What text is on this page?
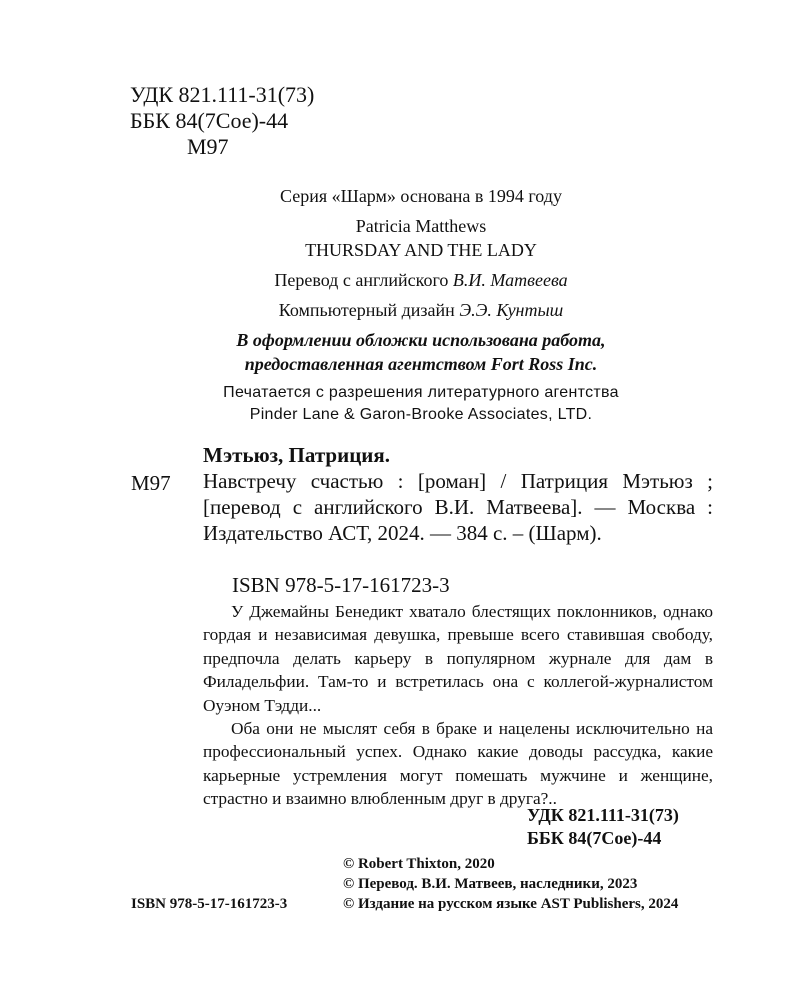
УДК 821.111-31(73)
ББК 84(7Сое)-44
М97
Серия «Шарм» основана в 1994 году
Patricia Matthews
THURSDAY AND THE LADY
Перевод с английского В.И. Матвеева
Компьютерный дизайн Э.Э. Кунтыш
В оформлении обложки использована работа,
предоставленная агентством Fort Ross Inc.
Печатается с разрешения литературного агентства
Pinder Lane & Garon-Brooke Associates, LTD.
Мэтьюз, Патриция.
М97 Навстречу счастью : [роман] / Патриция Мэтьюз ; [перевод с английского В.И. Матвеева]. — Москва : Издательство АСТ, 2024. — 384 с. – (Шарм).
ISBN 978-5-17-161723-3

У Джемайны Бенедикт хватало блестящих поклонников, однако гордая и независимая девушка, превыше всего ставившая свободу, предпочла делать карьеру в популярном журнале для дам в Филадельфии. Там-то и встретилась она с коллегой-журналистом Оуэном Тэдди...

Оба они не мыслят себя в браке и нацелены исключительно на профессиональный успех. Однако какие доводы рассудка, какие карьерные устремления могут помешать мужчине и женщине, страстно и взаимно влюбленным друг в друга?..

УДК 821.111-31(73)
ББК 84(7Сое)-44
© Robert Thixton, 2020
© Перевод. В.И. Матвеев, наследники, 2023
© Издание на русском языке AST Publishers, 2024
ISBN 978-5-17-161723-3
